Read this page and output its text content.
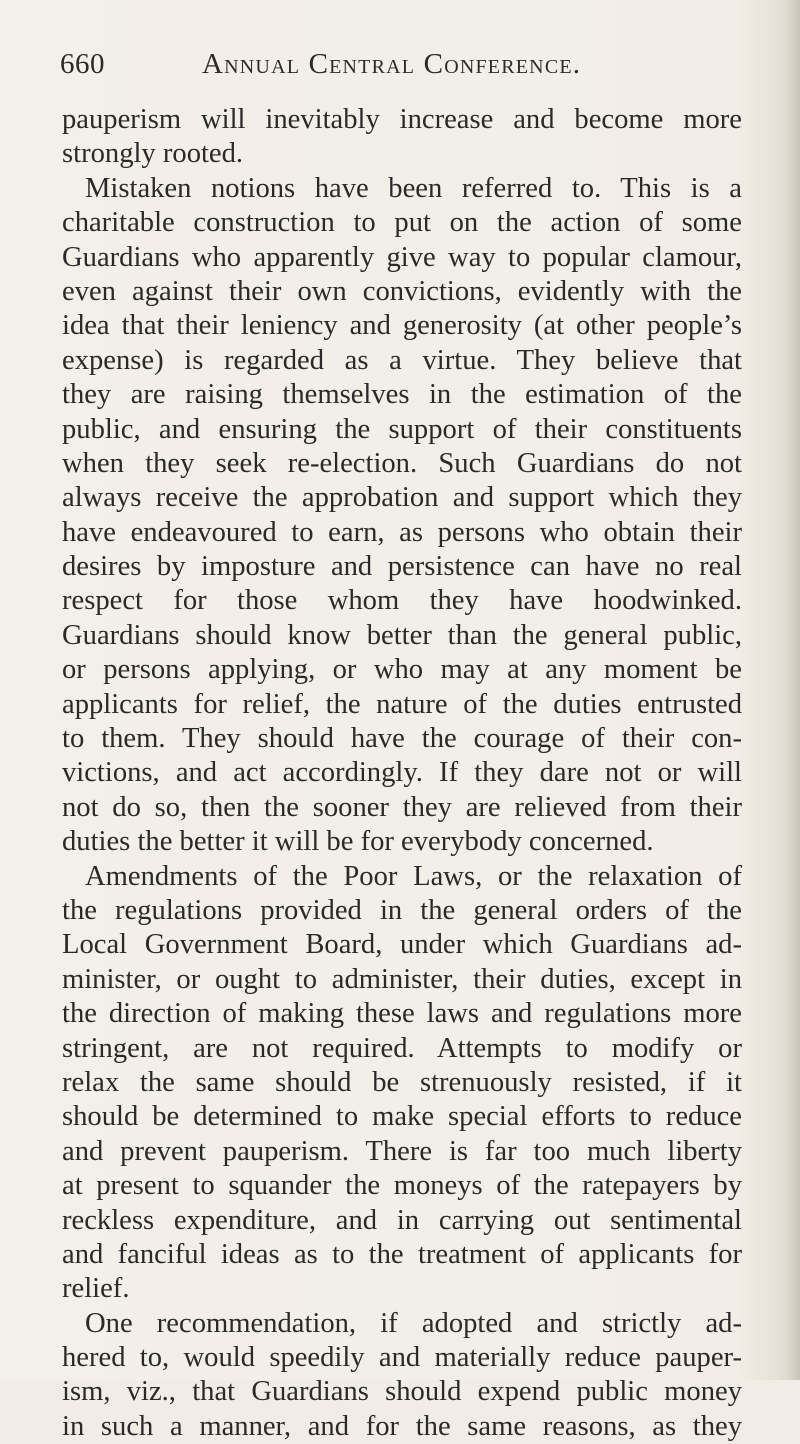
660	Annual Central Conference.
pauperism will inevitably increase and become more
strongly rooted.
Mistaken notions have been referred to. This is a
charitable construction to put on the action of some
Guardians who apparently give way to popular clamour,
even against their own convictions, evidently with the
idea that their leniency and generosity (at other people’s
expense) is regarded as a virtue. They believe that
they are raising themselves in the estimation of the
public, and ensuring the support of their constituents
when they seek re-election. Such Guardians do not
always receive the approbation and support which they
have endeavoured to earn, as persons who obtain their
desires by imposture and persistence can have no real
respect for those whom they have hoodwinked.
Guardians should know better than the general public,
or persons applying, or who may at any moment be
applicants for relief, the nature of the duties entrusted
to them. They should have the courage of their con-
victions, and act accordingly. If they dare not or will
not do so, then the sooner they are relieved from their
duties the better it will be for everybody concerned.
Amendments of the Poor Laws, or the relaxation of
the regulations provided in the general orders of the
Local Government Board, under which Guardians ad-
minister, or ought to administer, their duties, except in
the direction of making these laws and regulations more
stringent, are not required. Attempts to modify or
relax the same should be strenuously resisted, if it
should be determined to make special efforts to reduce
and prevent pauperism. There is far too much liberty
at present to squander the moneys of the ratepayers by
reckless expenditure, and in carrying out sentimental
and fanciful ideas as to the treatment of applicants for
relief.
One recommendation, if adopted and strictly ad-
hered to, would speedily and materially reduce pauper-
ism, viz., that Guardians should expend public money
in such a manner, and for the same reasons, as they
